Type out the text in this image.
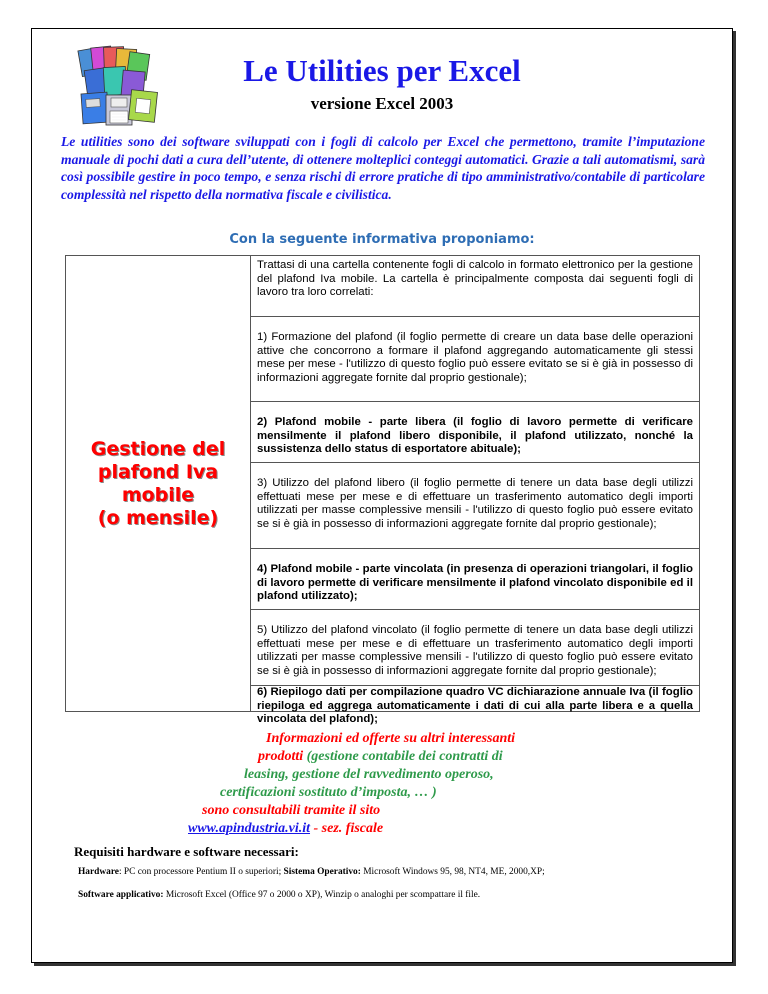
Le Utilities per Excel
versione Excel 2003
Le utilities sono dei software sviluppati con i fogli di calcolo per Excel che permettono, tramite l’imputazione manuale di pochi dati a cura dell’utente, di ottenere molteplici conteggi automatici. Grazie a tali automatismi, sarà così possibile gestire in poco tempo, e senza rischi di errore pratiche di tipo amministrativo/contabile di particolare complessità nel rispetto della normativa fiscale e civilistica.
Con la seguente informativa proponiamo:
Gestione del
plafond Iva
mobile
(o mensile)
Trattasi di una cartella contenente fogli di calcolo in formato elettronico per la gestione del plafond Iva mobile. La cartella è principalmente composta dai seguenti fogli di lavoro tra loro correlati:
1) Formazione del plafond (il foglio permette di creare un data base delle operazioni attive che concorrono a formare il plafond aggregando automaticamente gli stessi mese per mese - l'utilizzo di questo foglio può essere evitato se si è già in possesso di informazioni aggregate fornite dal proprio gestionale);
2) Plafond mobile - parte libera (il foglio di lavoro permette di verificare mensilmente il plafond libero disponibile, il plafond utilizzato, nonché la sussistenza dello status di esportatore abituale);
3) Utilizzo del plafond libero (il foglio permette di tenere un data base degli utilizzi effettuati mese per mese e di effettuare un trasferimento automatico degli importi utilizzati per masse complessive mensili - l'utilizzo di questo foglio può essere evitato se si è già in possesso di informazioni aggregate fornite dal proprio gestionale);
4) Plafond mobile - parte vincolata (in presenza di operazioni triangolari, il foglio di lavoro permette di verificare mensilmente il plafond vincolato disponibile ed il plafond utilizzato);
5) Utilizzo del plafond vincolato (il foglio permette di tenere un data base degli utilizzi effettuati mese per mese e di effettuare un trasferimento automatico degli importi utilizzati per masse complessive mensili - l'utilizzo di questo foglio può essere evitato se si è già in possesso di informazioni aggregate fornite dal proprio gestionale);
6) Riepilogo dati per compilazione quadro VC dichiarazione annuale Iva (il foglio riepiloga ed aggrega automaticamente i dati di cui alla parte libera e a quella vincolata del plafond);
Informazioni ed offerte su altri interessanti
prodotti (gestione contabile dei contratti di
leasing, gestione del ravvedimento operoso,
certificazioni sostituto d’imposta, … )
sono consultabili tramite il sito
www.apindustria.vi.it - sez. fiscale
Requisiti hardware e software necessari:
Hardware: PC con processore Pentium II o superiori; Sistema Operativo: Microsoft Windows 95, 98, NT4, ME, 2000,XP;
Software applicativo: Microsoft Excel (Office 97 o 2000 o XP), Winzip o analoghi per scompattare il file.
